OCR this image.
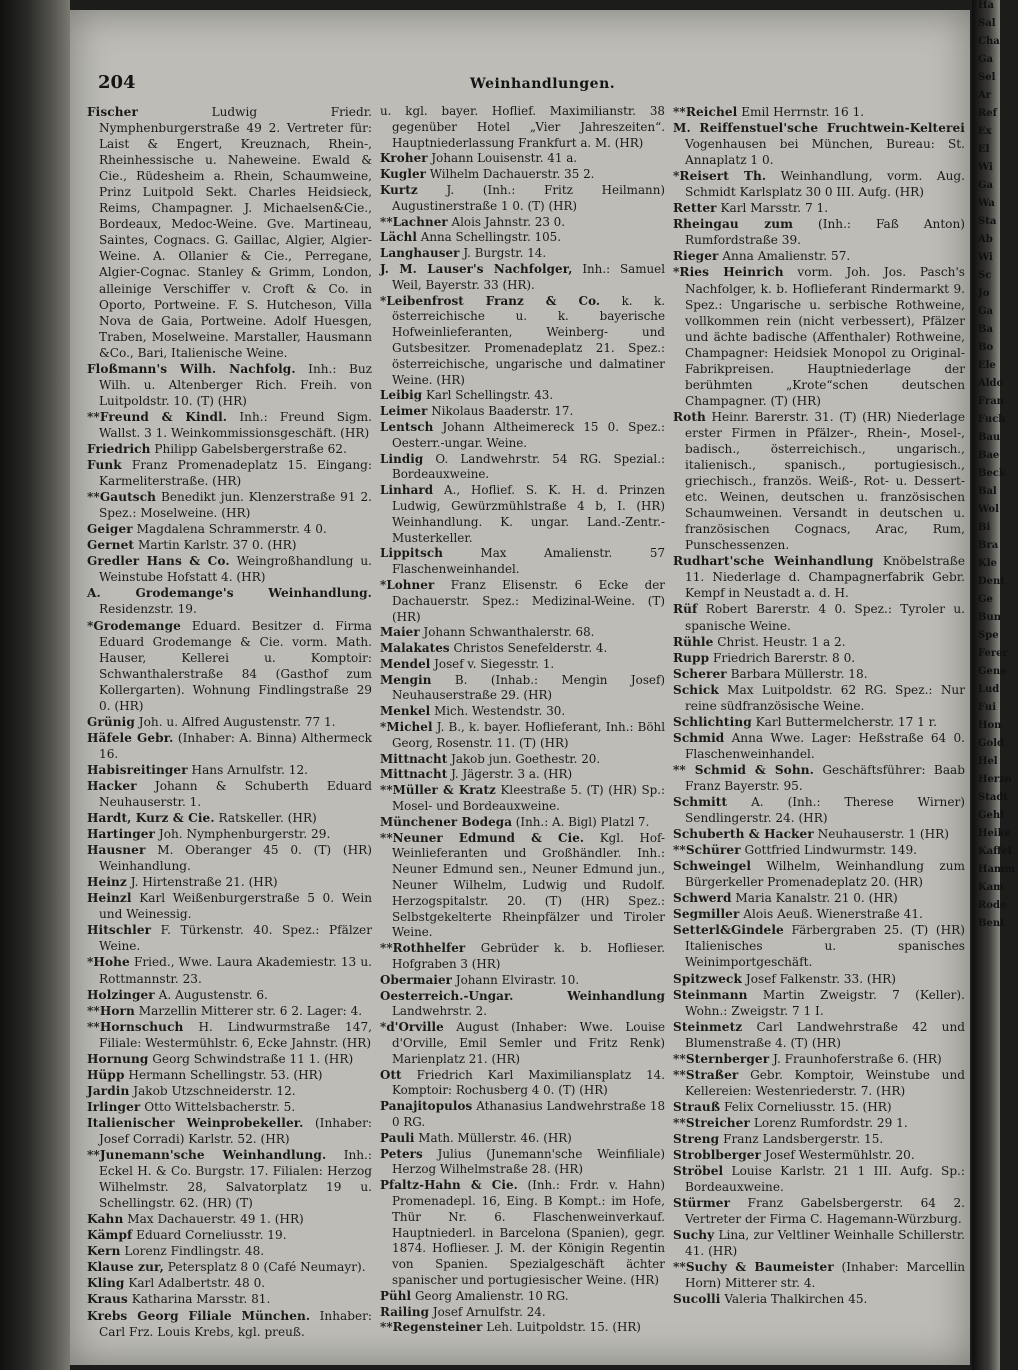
204	Weinhandlungen.

Fischer	Ludwig Friedr. Nymphenburgerstraße 49 2. Vertreter für: Laist & Engert, Kreuznach, Rhein-, Rheinhessische u. Naheweine. Ewald & Cie., Rüdesheim a. Rhein, Schaumweine, Prinz Luitpold Sekt. Charles Heidsieck, Reims, Champagner. J. Michaelsen&Cie., Bordeaux, Medoc-Weine. Gve. Martineau, Saintes, Cognacs. G. Gaillac, Algier, Algier-Weine. A. Ollanier & Cie., Perregane, Algier-Cognac. Stanley & Grimm, London, alleinige Verschiffer v. Croft & Co. in Oporto, Portweine. F. S. Hutcheson, Villa Nova de Gaia, Portweine. Adolf Huesgen, Traben, Moselweine. Marstaller, Hausmann &Co., Bari, Italienische Weine.

Floßmann's Wilh. Nachfolg. Inh.: Buz Wilh. u. Altenberger Rich. Freih. von Luitpoldstr. 10. (T) (HR)

**Freund & Kindl. Inh.: Freund Sigm. Wallst. 3 1. Weinkommissionsgeschäft. (HR)

Friedrich Philipp Gabelsbergerstraße 62.

Funk Franz Promenadeplatz 15. Eingang: Karmeliterstraße. (HR)

**Gautsch Benedikt jun. Klenzerstraße 91 2. Spez.: Moselweine. (HR)

Geiger Magdalena Schrammerstr. 4 0.

Gernet Martin Karlstr. 37 0. (HR)

Gredler Hans & Co. Weingroßhandlung u. Weinstube Hofstatt 4. (HR)

A. Grodemange's Weinhandlung. Residenzstr. 19.

*Grodemange Eduard. Besitzer d. Firma Eduard Grodemange & Cie. vorm. Math. Hauser, Kellerei u. Komptoir: Schwanthalerstraße 84 (Gasthof zum Kollergarten). Wohnung Findlingstraße 29 0. (HR)

Grünig Joh. u. Alfred Augustenstr. 77 1.

Häfele Gebr. (Inhaber: A. Binna) Althermeck 16.

Habisreitinger Hans Arnulfstr. 12.

Hacker Johann & Schuberth Eduard Neuhauserstr. 1.

Hardt, Kurz & Cie. Ratskeller. (HR)

Hartinger Joh. Nymphenburgerstr. 29.

Hausner M. Oberanger 45 0. (T) (HR) Weinhandlung.

Heinz J. Hirtenstraße 21. (HR)

Heinzl Karl Weißenburgerstraße 5 0. Wein und Weinessig.

Hitschler F. Türkenstr. 40. Spez.: Pfälzer Weine.

*Hohe Fried., Wwe. Laura Akademiestr. 13 u. Rottmannstr. 23.

Holzinger A. Augustenstr. 6.

**Horn Marzellin Mitterer str. 6 2. Lager: 4.

**Hornschuch H. Lindwurmstraße 147, Filiale: Westermühlstr. 6, Ecke Jahnstr. (HR)

Hornung Georg Schwindstraße 11 1. (HR)

Hüpp Hermann Schellingstr. 53. (HR)

Jardin Jakob Utzschneiderstr. 12.

Irlinger Otto Wittelsbacherstr. 5.

Italienischer Weinprobekeller. (Inhaber: Josef Corradi) Karlstr. 52. (HR)

**Junemann'sche Weinhandlung. Inh.: Eckel H. & Co. Burgstr. 17. Filialen: Herzog Wilhelmstr. 28, Salvatorplatz 19 u. Schellingstr. 62. (HR) (T)

Kahn Max Dachauerstr. 49 1. (HR)

Kämpf Eduard Corneliusstr. 19.

Kern Lorenz Findlingstr. 48.

Klause zur, Petersplatz 8 0 (Café Neumayr).

Kling Karl Adalbertstr. 48 0.

Kraus Katharina Marsstr. 81.

Krebs Georg Filiale München. Inhaber: Carl Frz. Louis Krebs, kgl. preuß.

u. kgl. bayer. Hoflief. Maximilianstr. 38 gegenüber Hotel „Vier Jahreszeiten“. Hauptniederlassung Frankfurt a. M. (HR)

Kroher Johann Louisenstr. 41 a.

Kugler Wilhelm Dachauerstr. 35 2.

Kurtz J. (Inh.: Fritz Heilmann) Augustinerstraße 1 0. (T) (HR)

**Lachner Alois Jahnstr. 23 0.

Lächl Anna Schellingstr. 105.

Langhauser J. Burgstr. 14.

J. M. Lauser's Nachfolger, Inh.: Samuel Weil, Bayerstr. 33 (HR).

*Leibenfrost Franz & Co. k. k. österreichische u. k. bayerische Hofweinlieferanten, Weinberg- und Gutsbesitzer. Promenadeplatz 21. Spez.: österreichische, ungarische und dalmatiner Weine. (HR)

Leibig Karl Schellingstr. 43.

Leimer Nikolaus Baaderstr. 17.

Lentsch Johann Altheimereck 15 0. Spez.: Oesterr.-ungar. Weine.

Lindig O. Landwehrstr. 54 RG. Spezial.: Bordeauxweine.

Linhard A., Hoflief. S. K. H. d. Prinzen Ludwig, Gewürzmühlstraße 4 b, I. (HR) Weinhandlung. K. ungar. Land.-Zentr.-Musterkeller.

Lippitsch	Max Amalienstr. 57 Flaschenweinhandel.

*Lohner Franz Elisenstr. 6 Ecke der Dachauerstr. Spez.: Medizinal-Weine. (T) (HR)

Maier Johann Schwanthalerstr. 68.

Malakates Christos Senefelderstr. 4.

Mendel Josef v. Siegesstr. 1.

Mengin B. (Inhab.: Mengin Josef) Neuhauserstraße 29. (HR)

Menkel Mich. Westendstr. 30.

*Michel J. B., k. bayer. Hoflieferant, Inh.: Böhl Georg, Rosenstr. 11. (T) (HR)

Mittnacht Jakob jun. Goethestr. 20.

Mittnacht J. Jägerstr. 3 a. (HR)

**Müller & Kratz Kleestraße 5. (T) (HR) Sp.: Mosel- und Bordeauxweine.

Münchener Bodega (Inh.: A. Bigl) Platzl 7.

**Neuner Edmund & Cie. Kgl. Hof-Weinlieferanten und Großhändler. Inh.: Neuner Edmund sen., Neuner Edmund jun., Neuner Wilhelm, Ludwig und Rudolf. Herzogspitalstr. 20. (T) (HR) Spez.: Selbstgekelterte Rheinpfälzer und Tiroler Weine.

**Rothhelfer Gebrüder k. b. Hoflieser. Hofgraben 3 (HR)

Obermaier Johann Elvirastr. 10.

Oesterreich.-Ungar. Weinhandlung Landwehrstr. 2.

*d'Orville August (Inhaber: Wwe. Louise d'Orville, Emil Semler und Fritz Renk) Marienplatz 21. (HR)

Ott Friedrich Karl Maximiliansplatz 14. Komptoir: Rochusberg 4 0. (T) (HR)

Panajitopulos Athanasius Landwehrstraße 18 0 RG.

Pauli Math. Müllerstr. 46. (HR)

Peters Julius (Junemann'sche Weinfiliale) Herzog Wilhelmstraße 28. (HR)

Pfaltz-Hahn & Cie. (Inh.: Frdr. v. Hahn) Promenadepl. 16, Eing. B Kompt.: im Hofe, Thür Nr. 6. Flaschenweinverkauf. Hauptniederl. in Barcelona (Spanien), gegr. 1874. Hoflieser. J. M. der Königin Regentin von Spanien. Spezialgeschäft ächter spanischer und portugiesischer Weine. (HR)

Pühl Georg Amalienstr. 10 RG.

Railing Josef Arnulfstr. 24.

**Regensteiner Leh. Luitpoldstr. 15. (HR)

**Reichel Emil Herrnstr. 16 1.

M. Reiffenstuel'sche Fruchtwein-Kelterei Vogenhausen bei München, Bureau: St. Annaplatz 1 0.

*Reisert Th. Weinhandlung, vorm. Aug. Schmidt Karlsplatz 30 0 III. Aufg. (HR)

Retter Karl Marsstr. 7 1.

Rheingau zum (Inh.: Faß Anton) Rumfordstraße 39.

Rieger Anna Amalienstr. 57.

*Ries Heinrich vorm. Joh. Jos. Pasch's Nachfolger, k. b. Hoflieferant Rindermarkt 9. Spez.: Ungarische u. serbische Rothweine, vollkommen rein (nicht verbessert), Pfälzer und ächte badische (Affenthaler) Rothweine, Champagner: Heidsiek Monopol zu Original-Fabrikpreisen. Hauptniederlage der berühmten „Krote“schen deutschen Champagner. (T) (HR)

Roth Heinr. Barerstr. 31. (T) (HR) Niederlage erster Firmen in Pfälzer-, Rhein-, Mosel-, badisch., österreichisch., ungarisch., italienisch., spanisch., portugiesisch., griechisch., französ. Weiß-, Rot- u. Dessert- etc. Weinen, deutschen u. französischen Schaumweinen. Versandt in deutschen u. französischen Cognacs, Arac, Rum, Punschessenzen.

Rudhart'sche Weinhandlung Knöbelstraße 11. Niederlage d. Champagnerfabrik Gebr. Kempf in Neustadt a. d. H.

Rüf Robert Barerstr. 4 0. Spez.: Tyroler u. spanische Weine.

Rühle Christ. Heustr. 1 a 2.

Rupp Friedrich Barerstr. 8 0.

Scherer Barbara Müllerstr. 18.

Schick Max Luitpoldstr. 62 RG. Spez.: Nur reine südfranzösische Weine.

Schlichting Karl Buttermelcherstr. 17 1 r.

Schmid Anna Wwe. Lager: Heßstraße 64 0. Flaschenweinhandel.

** Schmid & Sohn. Geschäftsführer: Baab Franz Bayerstr. 95.

Schmitt A. (Inh.: Therese Wirner) Sendlingerstr. 24. (HR)

Schuberth & Hacker Neuhauserstr. 1 (HR)

**Schürer Gottfried Lindwurmstr. 149.

Schweingel Wilhelm, Weinhandlung zum Bürgerkeller Promenadeplatz 20. (HR)

Schwerd Maria Kanalstr. 21 0. (HR)

Segmiller Alois Aeuß. Wienerstraße 41.

Setterl&Gindele Färbergraben 25. (T) (HR) Italienisches u. spanisches Weinimportgeschäft.

Spitzweck Josef Falkenstr. 33. (HR)

Steinmann Martin Zweigstr. 7 (Keller). Wohn.: Zweigstr. 7 1 I.

Steinmetz Carl Landwehrstraße 42 und Blumenstraße 4. (T) (HR)

**Sternberger J. Fraunhoferstraße 6. (HR)

**Straßer Gebr. Komptoir, Weinstube und Kellereien: Westenriederstr. 7. (HR)

Strauß Felix Corneliusstr. 15. (HR)

**Streicher Lorenz Rumfordstr. 29 1.

Streng Franz Landsbergerstr. 15.

Stroblberger Josef Westermühlstr. 20.

Ströbel Louise Karlstr. 21 1 III. Aufg. Sp.: Bordeauxweine.

Stürmer Franz Gabelsbergerstr. 64 2. Vertreter der Firma C. Hagemann-Würzburg.

Suchy Lina, zur Veltliner Weinhalle Schillerstr. 41. (HR)

**Suchy & Baumeister (Inhaber: Marcellin Horn) Mitterer str. 4.

Sucolli Valeria Thalkirchen 45.

Ha
Sal
Cha
Ga
Sel
Ar
Ref
Ex
El
Wi
Ga
Wa
Sta
Ab
Wi
Sc
Jo
Ga
Ba
Bo
Ele
Aldo
Fran
Fuch
Bau
Bae
Beck
Bal
Wol
Bi
Bra
Kle
Dent
Ge
Bun
Spe
Ferer
Gene
Lud
Fui
Hon
Gold
Hel
Herzo
Stadt
Gehl
Heike
Kaffel
Hamm
Kam
Rode
Benl
